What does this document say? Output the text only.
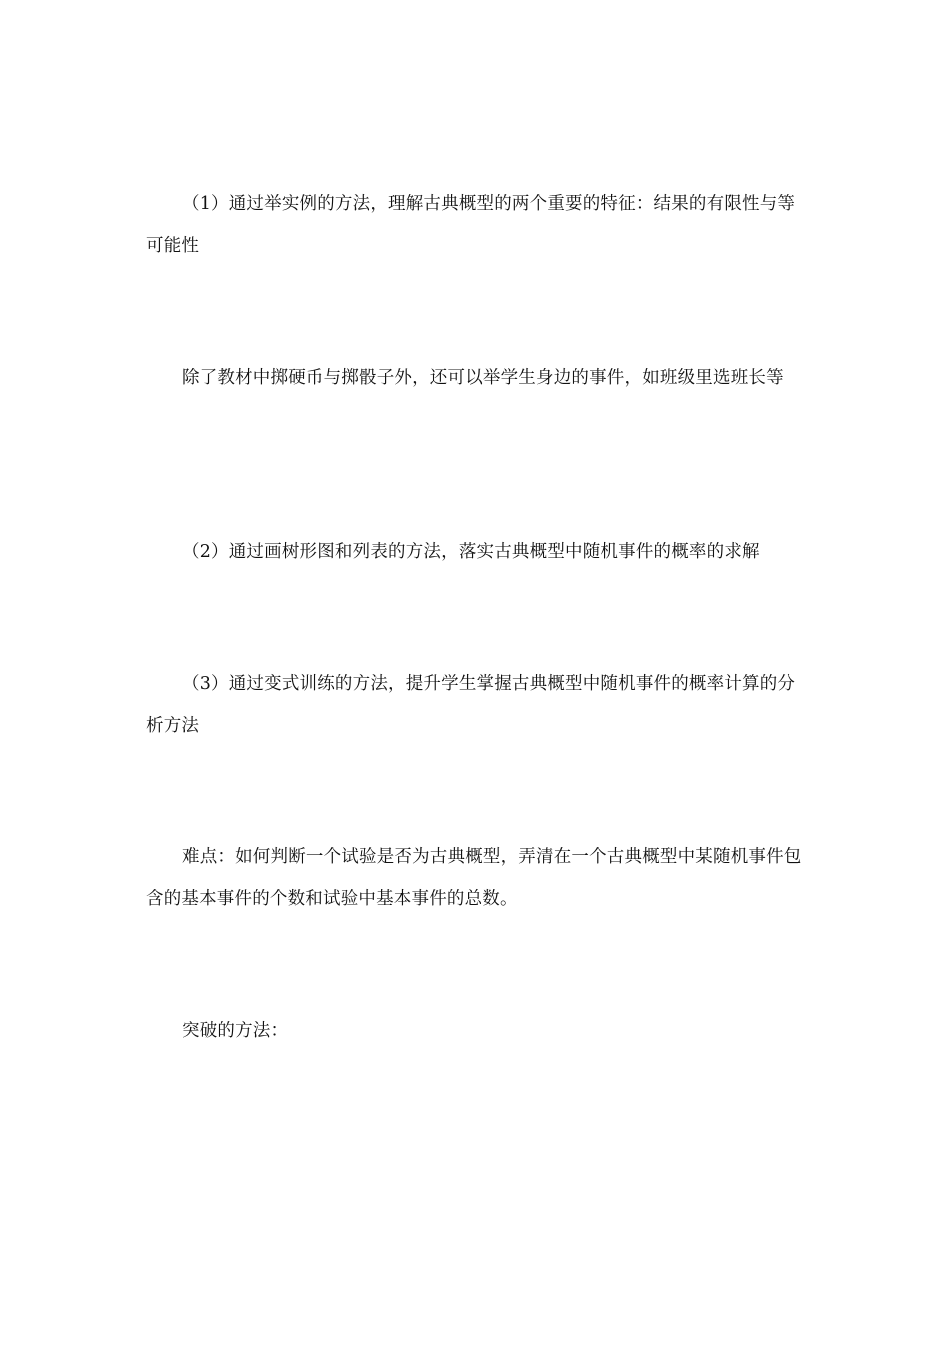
（1）通过举实例的方法，理解古典概型的两个重要的特征：结果的有限性与等可能性

除了教材中掷硬币与掷骰子外，还可以举学生身边的事件，如班级里选班长等

（2）通过画树形图和列表的方法，落实古典概型中随机事件的概率的求解

（3）通过变式训练的方法，提升学生掌握古典概型中随机事件的概率计算的分析方法

难点：如何判断一个试验是否为古典概型，弄清在一个古典概型中某随机事件包含的基本事件的个数和试验中基本事件的总数。

突破的方法：
